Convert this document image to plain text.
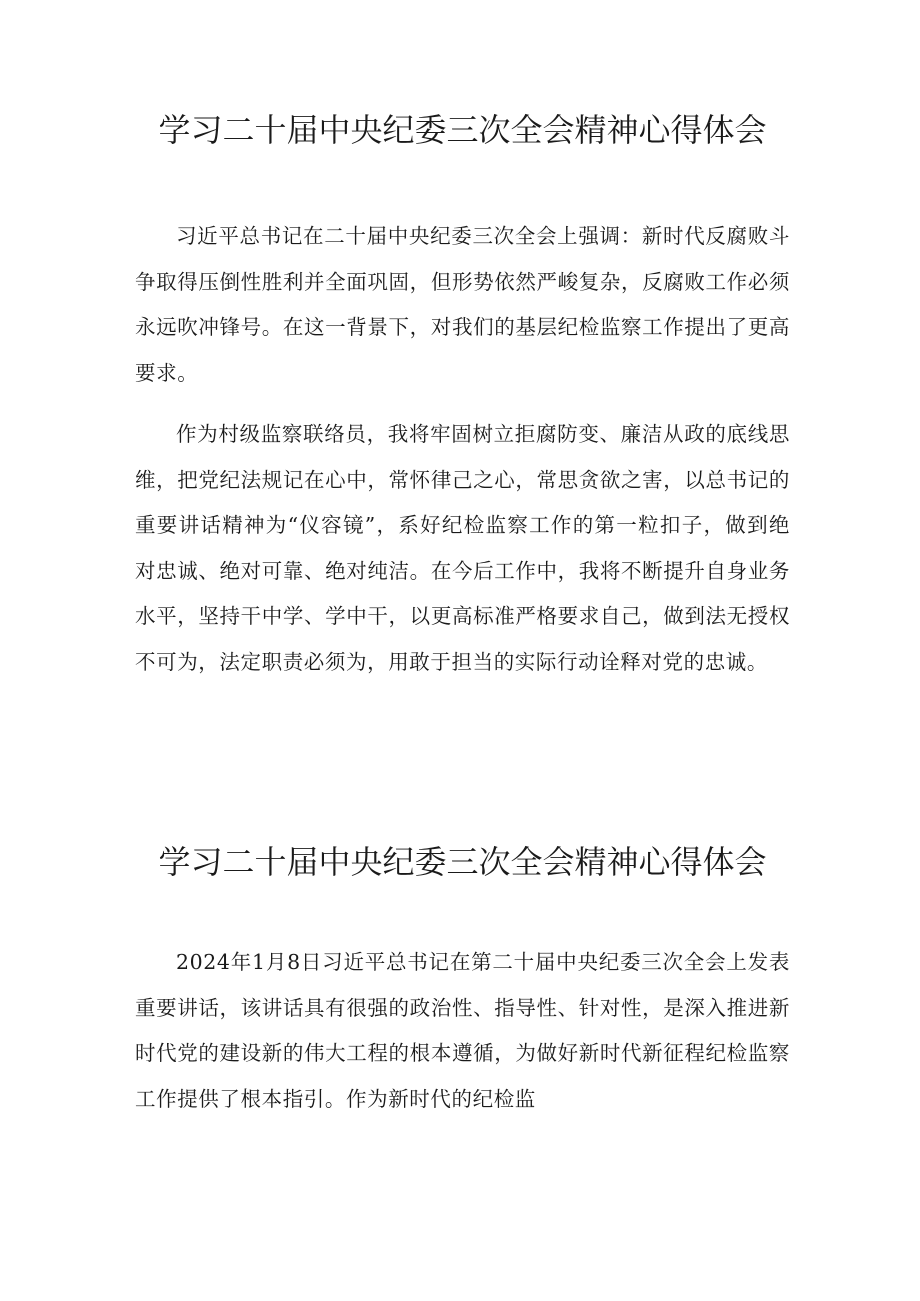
学习二十届中央纪委三次全会精神心得体会

习近平总书记在二十届中央纪委三次全会上强调：新时代反腐败斗争取得压倒性胜利并全面巩固，但形势依然严峻复杂，反腐败工作必须永远吹冲锋号。在这一背景下，对我们的基层纪检监察工作提出了更高要求。

作为村级监察联络员，我将牢固树立拒腐防变、廉洁从政的底线思维，把党纪法规记在心中，常怀律己之心，常思贪欲之害，以总书记的重要讲话精神为“仪容镜”，系好纪检监察工作的第一粒扣子，做到绝对忠诚、绝对可靠、绝对纯洁。在今后工作中，我将不断提升自身业务水平，坚持干中学、学中干，以更高标准严格要求自己，做到法无授权不可为，法定职责必须为，用敢于担当的实际行动诠释对党的忠诚。

学习二十届中央纪委三次全会精神心得体会

2024年1月8日习近平总书记在第二十届中央纪委三次全会上发表重要讲话，该讲话具有很强的政治性、指导性、针对性，是深入推进新时代党的建设新的伟大工程的根本遵循，为做好新时代新征程纪检监察工作提供了根本指引。作为新时代的纪检监
